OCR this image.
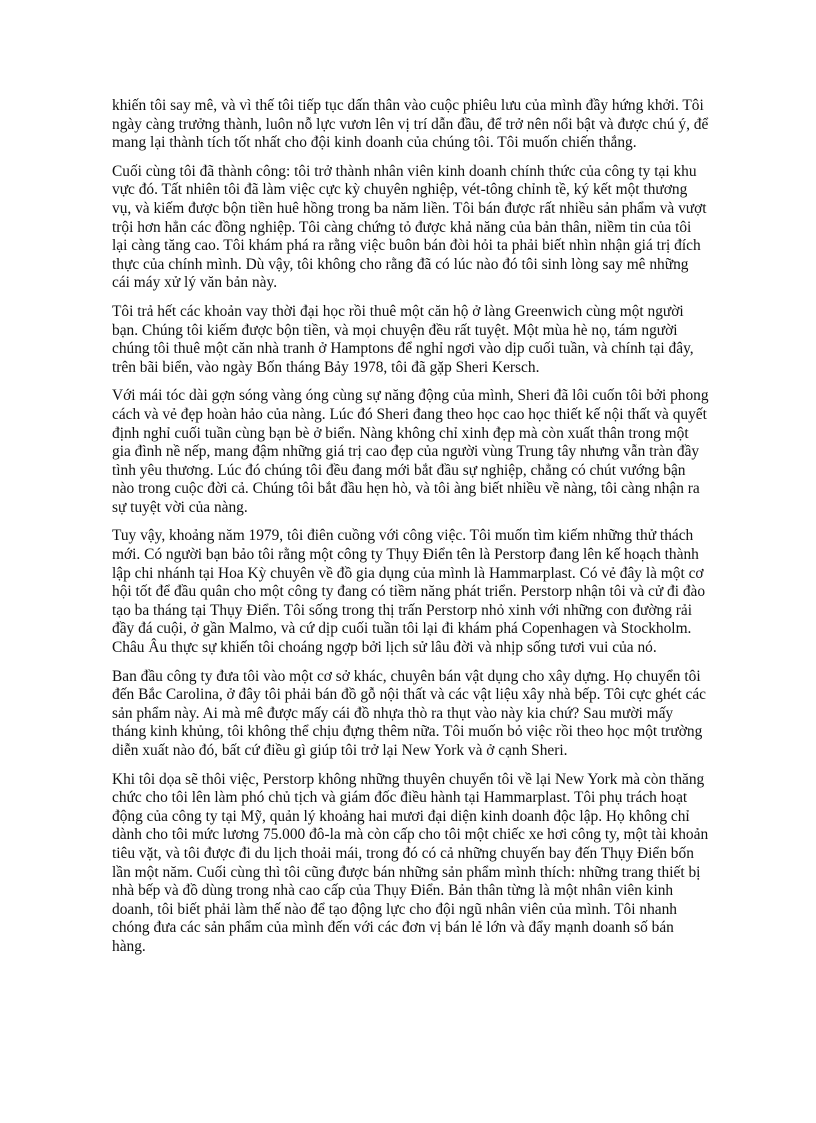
khiến tôi say mê, và vì thế tôi tiếp tục dấn thân vào cuộc phiêu lưu của mình đầy hứng khởi. Tôi ngày càng trưởng thành, luôn nỗ lực vươn lên vị trí dẫn đầu, để trở nên nổi bật và được chú ý, để mang lại thành tích tốt nhất cho đội kinh doanh của chúng tôi. Tôi muốn chiến thắng.

Cuối cùng tôi đã thành công: tôi trở thành nhân viên kinh doanh chính thức của công ty tại khu vực đó. Tất nhiên tôi đã làm việc cực kỳ chuyên nghiệp, vét-tông chỉnh tề, ký kết một thương vụ, và kiếm được bộn tiền huê hồng trong ba năm liền. Tôi bán được rất nhiều sản phẩm và vượt trội hơn hẳn các đồng nghiệp. Tôi càng chứng tỏ được khả năng của bản thân, niềm tin của tôi lại càng tăng cao. Tôi khám phá ra rằng việc buôn bán đòi hỏi ta phải biết nhìn nhận giá trị đích thực của chính mình. Dù vậy, tôi không cho rằng đã có lúc nào đó tôi sinh lòng say mê những cái máy xử lý văn bản này.

Tôi trả hết các khoản vay thời đại học rồi thuê một căn hộ ở làng Greenwich cùng một người bạn. Chúng tôi kiếm được bộn tiền, và mọi chuyện đều rất tuyệt. Một mùa hè nọ, tám người chúng tôi thuê một căn nhà tranh ở Hamptons để nghỉ ngơi vào dịp cuối tuần, và chính tại đây, trên bãi biển, vào ngày Bốn tháng Bảy 1978, tôi đã gặp Sheri Kersch.

Với mái tóc dài gợn sóng vàng óng cùng sự năng động của mình, Sheri đã lôi cuốn tôi bởi phong cách và vẻ đẹp hoàn hảo của nàng. Lúc đó Sheri đang theo học cao học thiết kế nội thất và quyết định nghỉ cuối tuần cùng bạn bè ở biển. Nàng không chỉ xinh đẹp mà còn xuất thân trong một gia đình nề nếp, mang đậm những giá trị cao đẹp của người vùng Trung tây nhưng vẫn tràn đầy tình yêu thương. Lúc đó chúng tôi đều đang mới bắt đầu sự nghiệp, chẳng có chút vướng bận nào trong cuộc đời cả. Chúng tôi bắt đầu hẹn hò, và tôi àng biết nhiều về nàng, tôi càng nhận ra sự tuyệt vời của nàng.

Tuy vậy, khoảng năm 1979, tôi điên cuồng với công việc. Tôi muốn tìm kiếm những thử thách mới. Có người bạn bảo tôi rằng một công ty Thụy Điển tên là Perstorp đang lên kế hoạch thành lập chi nhánh tại Hoa Kỳ chuyên về đồ gia dụng của mình là Hammarplast. Có vẻ đây là một cơ hội tốt để đầu quân cho một công ty đang có tiềm năng phát triển. Perstorp nhận tôi và cử đi đào tạo ba tháng tại Thụy Điển. Tôi sống trong thị trấn Perstorp nhỏ xinh với những con đường rải đầy đá cuội, ở gần Malmo, và cứ dịp cuối tuần tôi lại đi khám phá Copenhagen và Stockholm. Châu Âu thực sự khiến tôi choáng ngợp bởi lịch sử lâu đời và nhịp sống tươi vui của nó.

Ban đầu công ty đưa tôi vào một cơ sở khác, chuyên bán vật dụng cho xây dựng. Họ chuyển tôi đến Bắc Carolina, ở đây tôi phải bán đồ gỗ nội thất và các vật liệu xây nhà bếp. Tôi cực ghét các sản phẩm này. Ai mà mê được mấy cái đồ nhựa thò ra thụt vào này kia chứ? Sau mười mấy tháng kinh khủng, tôi không thể chịu đựng thêm nữa. Tôi muốn bỏ việc rồi theo học một trường diễn xuất nào đó, bất cứ điều gì giúp tôi trở lại New York và ở cạnh Sheri.

Khi tôi dọa sẽ thôi việc, Perstorp không những thuyên chuyển tôi về lại New York mà còn thăng chức cho tôi lên làm phó chủ tịch và giám đốc điều hành tại Hammarplast. Tôi phụ trách hoạt động của công ty tại Mỹ, quản lý khoảng hai mươi đại diện kinh doanh độc lập. Họ không chỉ dành cho tôi mức lương 75.000 đô-la mà còn cấp cho tôi một chiếc xe hơi công ty, một tài khoản tiêu vặt, và tôi được đi du lịch thoải mái, trong đó có cả những chuyến bay đến Thụy Điển bốn lần một năm. Cuối cùng thì tôi cũng được bán những sản phẩm mình thích: những trang thiết bị nhà bếp và đồ dùng trong nhà cao cấp của Thụy Điển. Bản thân từng là một nhân viên kinh doanh, tôi biết phải làm thế nào để tạo động lực cho đội ngũ nhân viên của mình. Tôi nhanh chóng đưa các sản phẩm của mình đến với các đơn vị bán lẻ lớn và đẩy mạnh doanh số bán hàng.
